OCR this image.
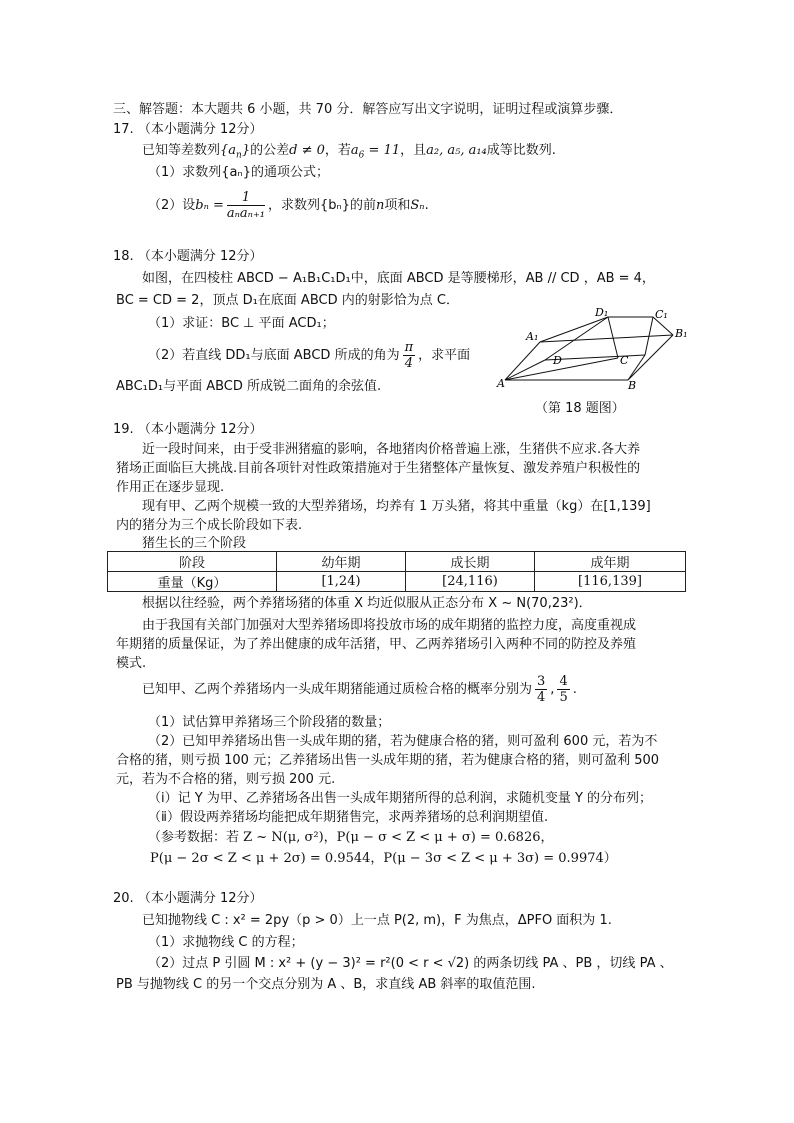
三、解答题：本大题共 6 小题，共 70 分．解答应写出文字说明，证明过程或演算步骤．
17. （本小题满分 12分）
已知等差数列$\{a_n\}$的公差d ≠ 0，若$a_6 = 11$，且a₂, a₅, a₁₄成等比数列.
（1）求数列{aₙ}的通项公式；
（2）设$b_n = \frac{1}{\text{aₙaₙ₊₁}}$ ，求数列{bₙ}的前n项和Sₙ.
18. （本小题满分 12分）
如图，在四棱柱 ABCD − A₁B₁C₁D₁中，底面 ABCD 是等腰梯形，AB // CD ，AB = 4，
BC = CD = 2，顶点 D₁在底面 ABCD 内的射影恰为点 C．
（1）求证：BC ⊥ 平面 ACD₁；
（2）若直线 DD₁与底面 ABCD 所成的角为 $\frac{\pi}{4}$ ，求平面
ABC₁D₁与平面 ABCD 所成锐二面角的余弦值.
D₁	C₁
A₁	B₁
D	C
A	B
（第 18 题图）
19. （本小题满分 12分）
近一段时间来，由于受非洲猪瘟的影响，各地猪肉价格普遍上涨，生猪供不应求.各大养
猪场正面临巨大挑战.目前各项针对性政策措施对于生猪整体产量恢复、激发养殖户积极性的
作用正在逐步显现.
现有甲、乙两个规模一致的大型养猪场，均养有 1 万头猪，将其中重量（kg）在[1,139]
内的猪分为三个成长阶段如下表.
猪生长的三个阶段
阶段	幼年期	成长期	成年期
重量（Kg）	[1,24)	[24,116)	[116,139]
根据以往经验，两个养猪场猪的体重 X 均近似服从正态分布 X ~ N(70,23²)．
由于我国有关部门加强对大型养猪场即将投放市场的成年期猪的监控力度，高度重视成
年期猪的质量保证，为了养出健康的成年活猪，甲、乙两养猪场引入两种不同的防控及养殖
模式.
已知甲、乙两个养猪场内一头成年期猪能通过质检合格的概率分别为 $\frac{3}{4}$ , $\frac{4}{5}$ .
（1）试估算甲养猪场三个阶段猪的数量；
（2）已知甲养猪场出售一头成年期的猪，若为健康合格的猪，则可盈利 600 元，若为不
合格的猪，则亏损 100 元；乙养猪场出售一头成年期的猪，若为健康合格的猪，则可盈利 500
元，若为不合格的猪，则亏损 200 元.
（ⅰ）记 Y 为甲、乙养猪场各出售一头成年期猪所得的总利润，求随机变量 Y 的分布列；
（ⅱ）假设两养猪场均能把成年期猪售完，求两养猪场的总利润期望值.
（参考数据：若 Z ~ N(μ, σ²)，P(μ − σ < Z < μ + σ) = 0.6826，
P(μ − 2σ < Z < μ + 2σ) = 0.9544，P(μ − 3σ < Z < μ + 3σ) = 0.9974）
20. （本小题满分 12分）
已知抛物线 C : x² = 2py（p > 0）上一点 P(2, m)，F 为焦点，ΔPFO 面积为 1.
（1）求抛物线 C 的方程；
（2）过点 P 引圆 M : x² + (y − 3)² = r²(0 < r < √2) 的两条切线 PA 、PB ，切线 PA 、
PB 与抛物线 C 的另一个交点分别为 A 、B，求直线 AB 斜率的取值范围.
